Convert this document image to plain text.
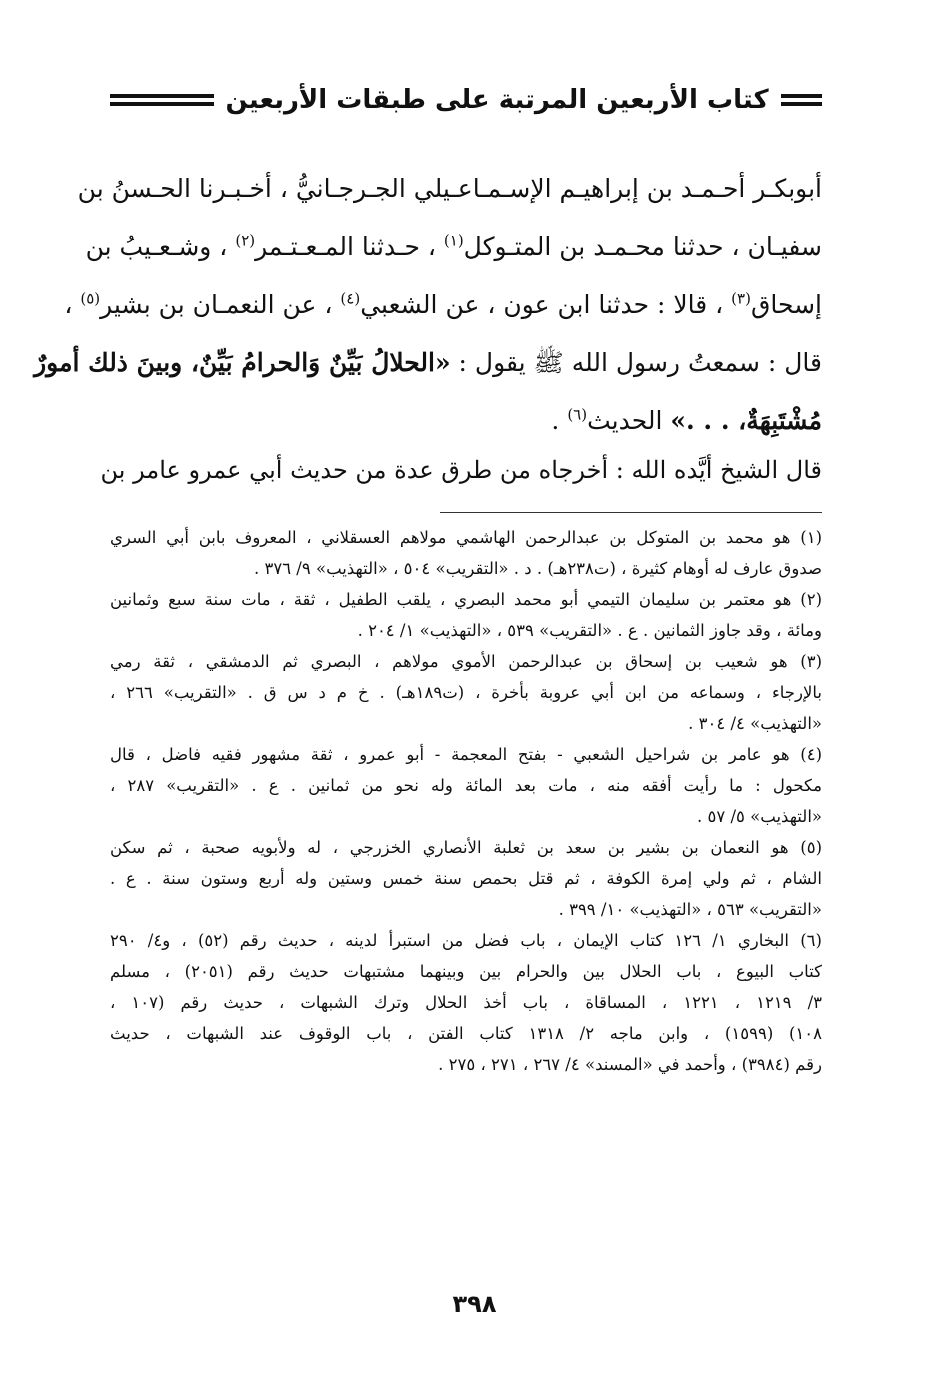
كتاب الأربعين المرتبة على طبقات الأربعين
أبوبكـر أحـمـد بن إبراهيـم الإسـمـاعـيلي الجـرجـانيُّ ، أخـبـرنا الحـسنُ بن
سفيـان ، حدثنا محـمـد بن المتـوكل$^{(١)}$ ، حـدثنا المـعـتـمر$^{(٢)}$ ، وشـعـيبُ بن
إسحاق$^{(٣)}$ ، قالا : حدثنا ابن عون ، عن الشعبي$^{(٤)}$ ، عن النعمـان بن بشير$^{(٥)}$ ،
قال : سمعتُ رسول الله ﷺ يقول : «الحلالُ بَيِّنٌ وَالحرامُ بَيِّنٌ، وبينَ ذلك أمورٌ
مُشْتَبِهَةٌ، . . .» الحديث$^{(٦)}$ .
قال الشيخ أيَّده الله : أخرجاه من طرق عدة من حديث أبي عمرو عامر بن
(١) هو محمد بن المتوكل بن عبدالرحمن الهاشمي مولاهم العسقلاني ، المعروف بابن أبي السري
صدوق عارف له أوهام كثيرة ، (ت٢٣٨هـ) . د . «التقريب» ٥٠٤ ، «التهذيب» ٩/ ٣٧٦ .
(٢) هو معتمر بن سليمان التيمي أبو محمد البصري ، يلقب الطفيل ، ثقة ، مات سنة سبع وثمانين
ومائة ، وقد جاوز الثمانين . ع . «التقريب» ٥٣٩ ، «التهذيب» ١/ ٢٠٤ .
(٣) هو شعيب بن إسحاق بن عبدالرحمن الأموي مولاهم ، البصري ثم الدمشقي ، ثقة رمي
بالإرجاء ، وسماعه من ابن أبي عروبة بأخرة ، (ت١٨٩هـ) . خ م د س ق . «التقريب» ٢٦٦ ،
«التهذيب» ٤/ ٣٠٤ .
(٤) هو عامر بن شراحيل الشعبي - بفتح المعجمة - أبو عمرو ، ثقة مشهور فقيه فاضل ، قال
مكحول : ما رأيت أفقه منه ، مات بعد المائة وله نحو من ثمانين . ع . «التقريب» ٢٨٧ ،
«التهذيب» ٥/ ٥٧ .
(٥) هو النعمان بن بشير بن سعد بن ثعلبة الأنصاري الخزرجي ، له ولأبويه صحبة ، ثم سكن
الشام ، ثم ولي إمرة الكوفة ، ثم قتل بحمص سنة خمس وستين وله أربع وستون سنة . ع .
«التقريب» ٥٦٣ ، «التهذيب» ١٠/ ٣٩٩ .
(٦) البخاري ١/ ١٢٦ كتاب الإيمان ، باب فضل من استبرأ لدينه ، حديث رقم (٥٢) ، و٤/ ٢٩٠
كتاب البيوع ، باب الحلال بين والحرام بين وبينهما مشتبهات حديث رقم (٢٠٥١) ، مسلم
٣/ ١٢١٩ ، ١٢٢١ ، المساقاة ، باب أخذ الحلال وترك الشبهات ، حديث رقم (١٠٧ ،
١٠٨) (١٥٩٩) ، وابن ماجه ٢/ ١٣١٨ كتاب الفتن ، باب الوقوف عند الشبهات ، حديث
رقم (٣٩٨٤) ، وأحمد في «المسند» ٤/ ٢٦٧ ، ٢٧١ ، ٢٧٥ .
٣٩٨
